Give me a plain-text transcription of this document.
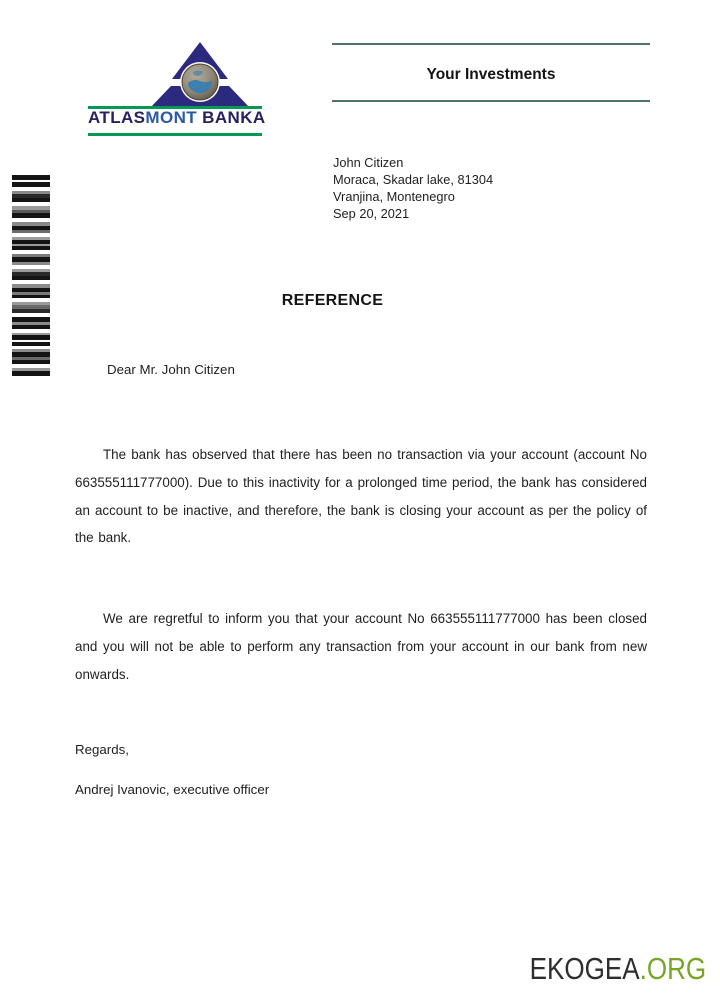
ATLASMONT BANKA
Your Investments
John Citizen
Moraca, Skadar lake, 81304
Vranjina, Montenegro
Sep 20, 2021
REFERENCE
Dear Mr. John Citizen
The bank has observed that there has been no transaction via your account (account No 663555111777000). Due to this inactivity for a prolonged time period, the bank has considered an account to be inactive, and therefore, the bank is closing your account as per the policy of the bank.
We are regretful to inform you that your account No 663555111777000 has been closed and you will not be able to perform any transaction from your account in our bank from new onwards.
Regards,
Andrej Ivanovic, executive officer
EKOGEA.ORG
